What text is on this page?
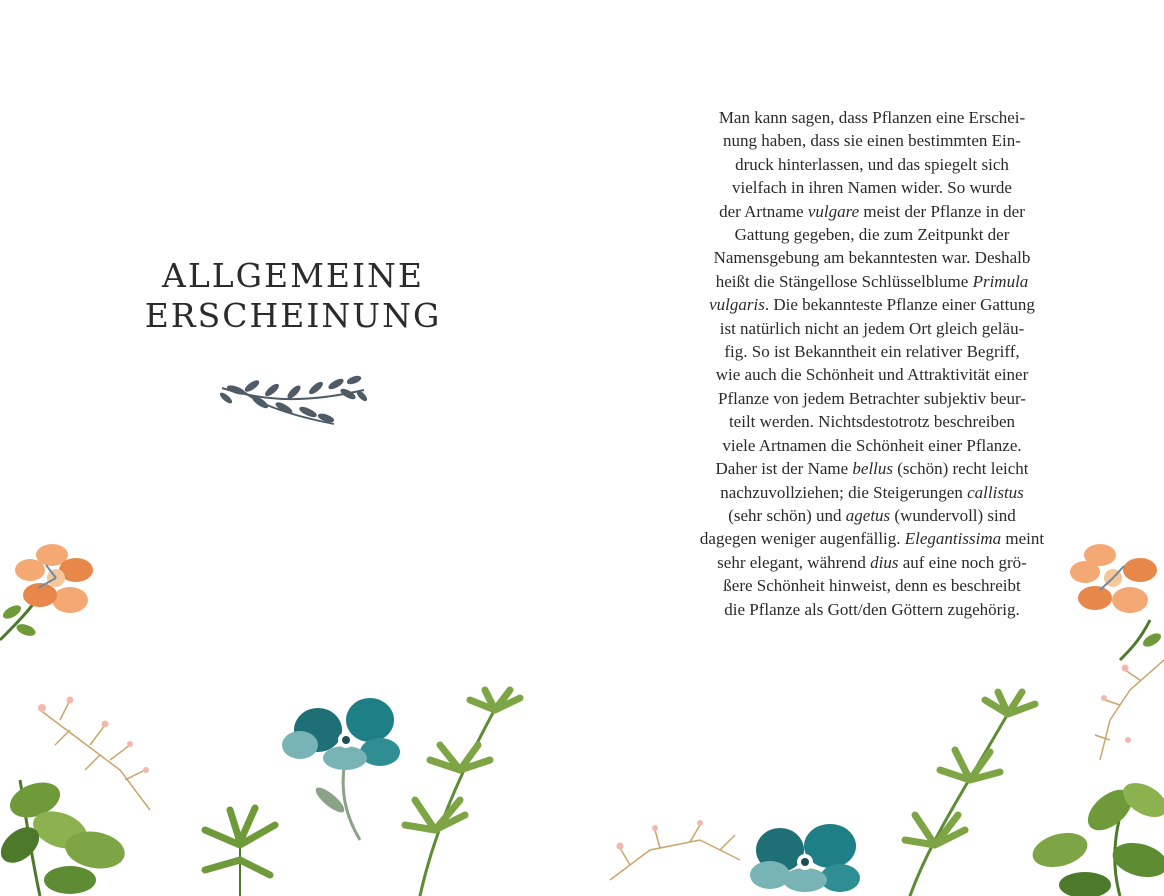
ALLGEMEINE
ERSCHEINUNG
Man kann sagen, dass Pflanzen eine Erschei-
nung haben, dass sie einen bestimmten Ein-
druck hinterlassen, und das spiegelt sich
vielfach in ihren Namen wider. So wurde
der Artname vulgare meist der Pflanze in der
Gattung gegeben, die zum Zeitpunkt der
Namensgebung am bekanntesten war. Deshalb
heißt die Stängellose Schlüsselblume Primula
vulgaris. Die bekannteste Pflanze einer Gattung
ist natürlich nicht an jedem Ort gleich geläu-
fig. So ist Bekanntheit ein relativer Begriff,
wie auch die Schönheit und Attraktivität einer
Pflanze von jedem Betrachter subjektiv beur-
teilt werden. Nichtsdestotrotz beschreiben
viele Artnamen die Schönheit einer Pflanze.
Daher ist der Name bellus (schön) recht leicht
nachzuvollziehen; die Steigerungen callistus
(sehr schön) und agetus (wundervoll) sind
dagegen weniger augenfällig. Elegantissima meint
sehr elegant, während dius auf eine noch grö-
ßere Schönheit hinweist, denn es beschreibt
die Pflanze als Gott/den Göttern zugehörig.
